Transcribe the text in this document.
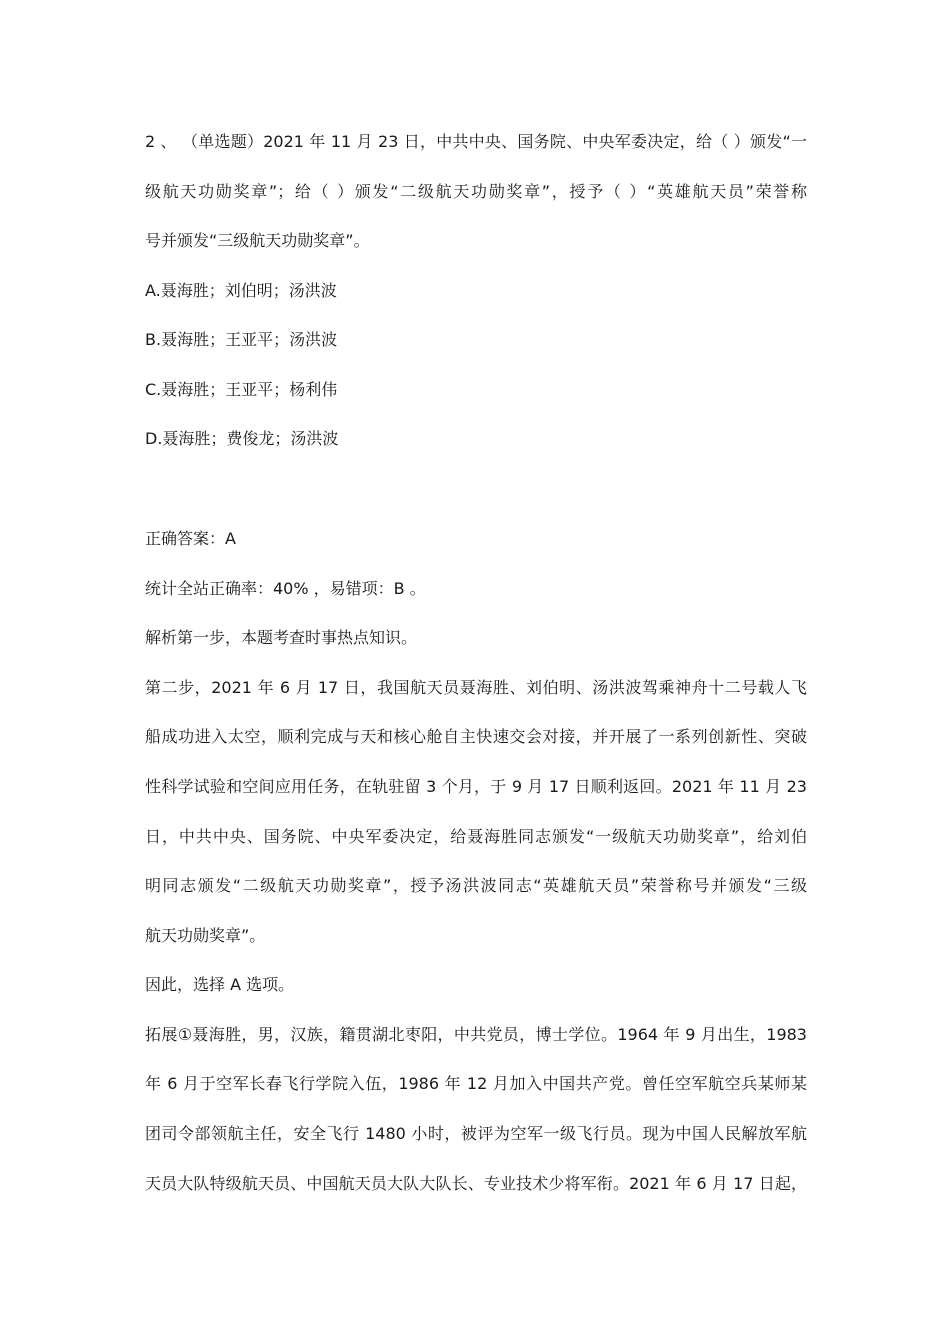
2 、 （单选题）2021 年 11 月 23 日，中共中央、国务院、中央军委决定，给（ ）颁发“一
级航天功勋奖章”；给（ ）颁发“二级航天功勋奖章”，授予（ ）“英雄航天员”荣誉称
号并颁发“三级航天功勋奖章”。
A.聂海胜；刘伯明；汤洪波
B.聂海胜；王亚平；汤洪波
C.聂海胜；王亚平；杨利伟
D.聂海胜；费俊龙；汤洪波
正确答案：A
统计全站正确率：40% ，易错项：B 。
解析第一步，本题考查时事热点知识。
第二步，2021 年 6 月 17 日，我国航天员聂海胜、刘伯明、汤洪波驾乘神舟十二号载人飞
船成功进入太空，顺利完成与天和核心舱自主快速交会对接，并开展了一系列创新性、突破
性科学试验和空间应用任务，在轨驻留 3 个月，于 9 月 17 日顺利返回。2021 年 11 月 23
日，中共中央、国务院、中央军委决定，给聂海胜同志颁发“一级航天功勋奖章”，给刘伯
明同志颁发“二级航天功勋奖章”，授予汤洪波同志“英雄航天员”荣誉称号并颁发“三级
航天功勋奖章”。
因此，选择 A 选项。
拓展①聂海胜，男，汉族，籍贯湖北枣阳，中共党员，博士学位。1964 年 9 月出生，1983
年 6 月于空军长春飞行学院入伍，1986 年 12 月加入中国共产党。曾任空军航空兵某师某
团司令部领航主任，安全飞行 1480 小时，被评为空军一级飞行员。现为中国人民解放军航
天员大队特级航天员、中国航天员大队大队长、专业技术少将军衔。2021 年 6 月 17 日起，
